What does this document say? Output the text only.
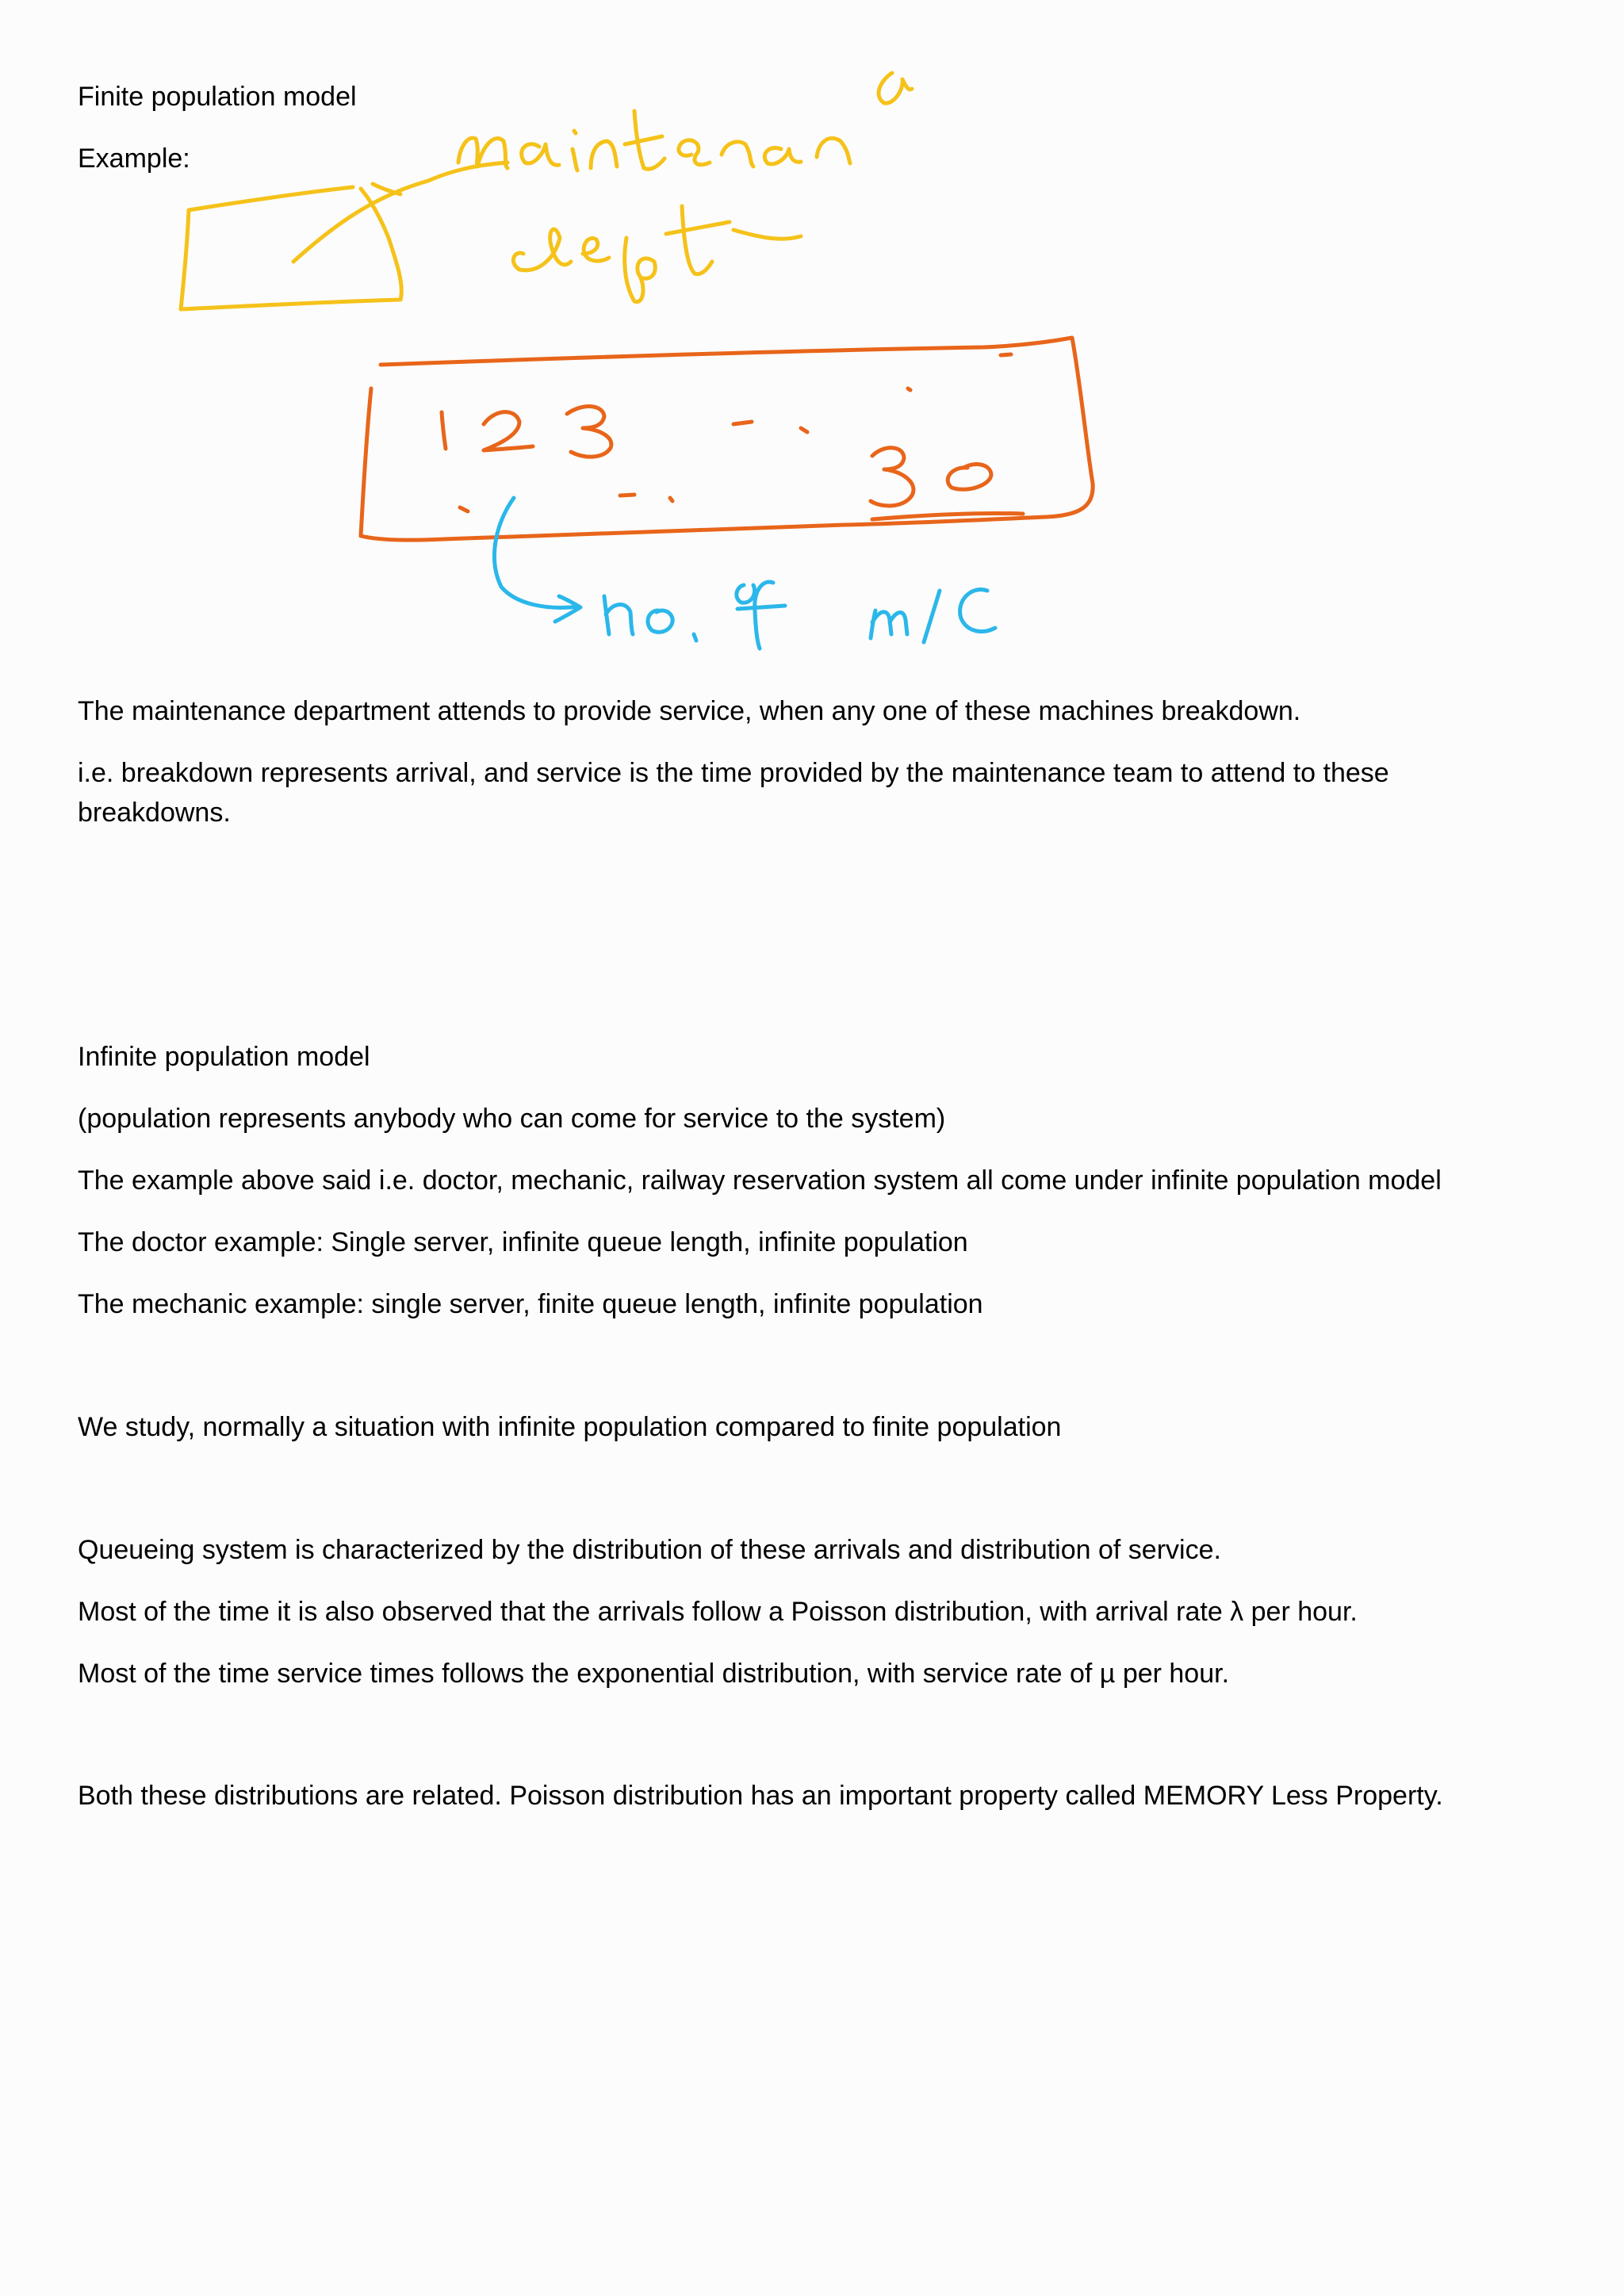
Finite population model
Example:
The maintenance department attends to provide service, when any one of these machines breakdown.
i.e. breakdown represents arrival, and service is the time provided by the maintenance team to attend to these breakdowns.
Infinite population model
(population represents anybody who can come for service to the system)
The example above said i.e. doctor, mechanic, railway reservation system all come under infinite population model
The doctor example: Single server, infinite queue length, infinite population
The mechanic example: single server, finite queue length, infinite population
We study, normally a situation with infinite population compared to finite population
Queueing system is characterized by the distribution of these arrivals and distribution of service.
Most of the time it is also observed that the arrivals follow a Poisson distribution, with arrival rate λ per hour.
Most of the time service times follows the exponential distribution, with service rate of µ per hour.
Both these distributions are related. Poisson distribution has an important property called MEMORY Less Property.
